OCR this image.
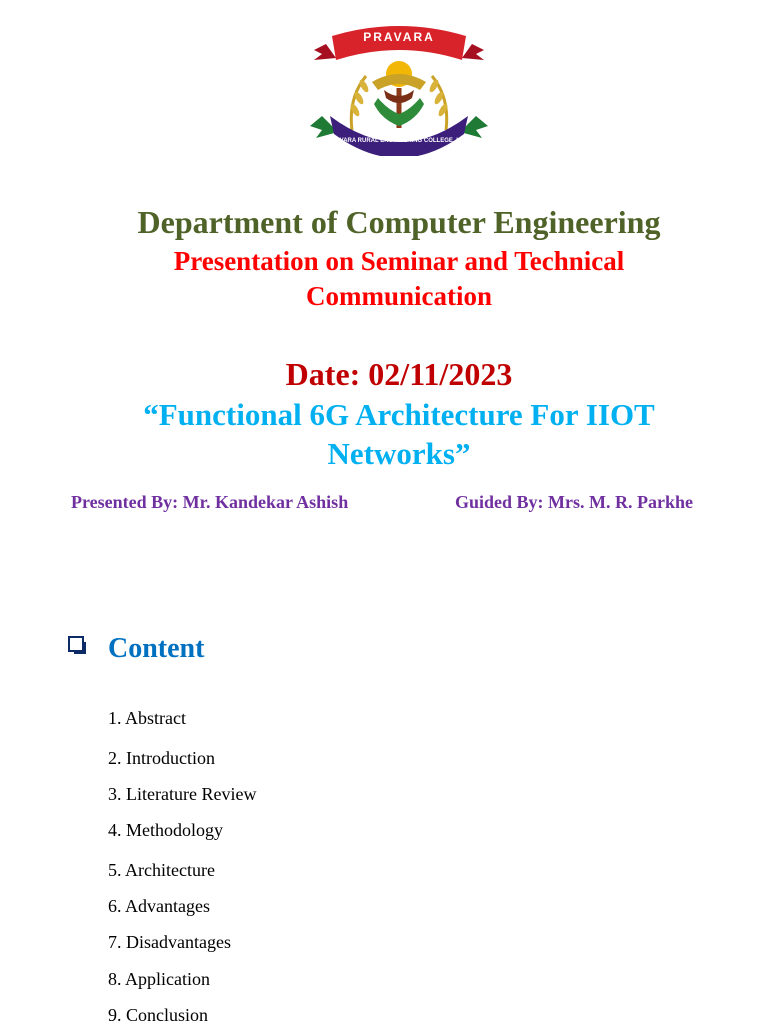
PRAVARA
PRAVARA RURAL ENGINEERING COLLEGE, LONI
Department of Computer Engineering
Presentation on Seminar and Technical
Communication
Date: 02/11/2023
“Functional 6G Architecture For IIOT
Networks”
Presented By: Mr. Kandekar Ashish	Guided By: Mrs. M. R. Parkhe
Content
1. Abstract
2. Introduction
3. Literature Review
4. Methodology
5. Architecture
6. Advantages
7. Disadvantages
8. Application
9. Conclusion
